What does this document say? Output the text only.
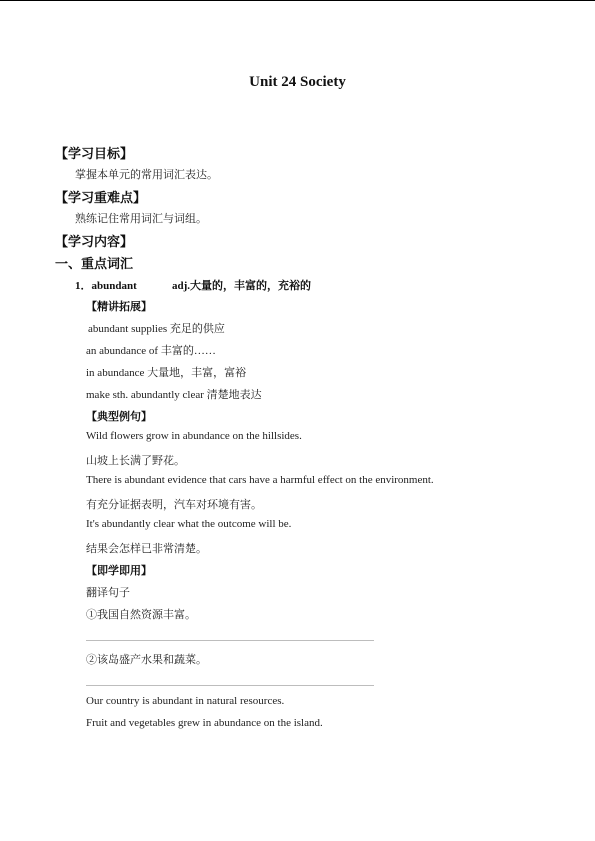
Unit 24 Society
【学习目标】
掌握本单元的常用词汇表达。
【学习重难点】
熟练记住常用词汇与词组。
【学习内容】
一、重点词汇
1．abundant	adj.大量的，丰富的，充裕的
【精讲拓展】
abundant supplies 充足的供应
an abundance of 丰富的……
in abundance 大量地，丰富，富裕
make sth. abundantly clear 清楚地表达
【典型例句】
Wild flowers grow in abundance on the hillsides.
山坡上长满了野花。
There is abundant evidence that cars have a harmful effect on the environment.
有充分证据表明，汽车对环境有害。
It's abundantly clear what the outcome will be.
结果会怎样已非常清楚。
【即学即用】
翻译句子
①我国自然资源丰富。
②该岛盛产水果和蔬菜。
Our country is abundant in natural resources.
Fruit and vegetables grew in abundance on the island.
